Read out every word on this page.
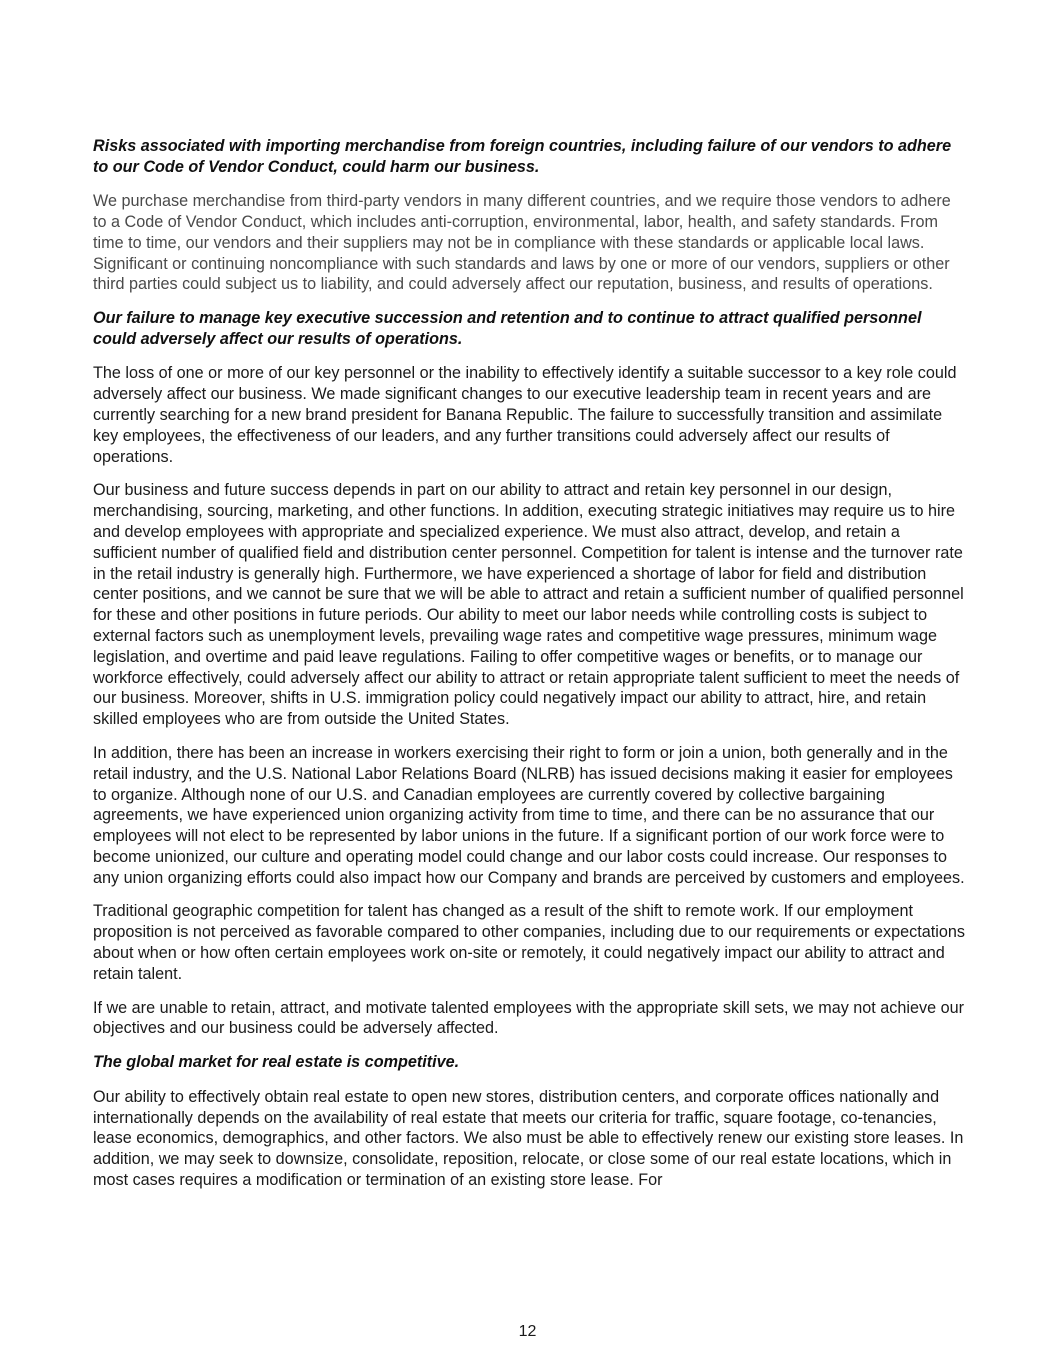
Risks associated with importing merchandise from foreign countries, including failure of our vendors to adhere to our Code of Vendor Conduct, could harm our business.

We purchase merchandise from third-party vendors in many different countries, and we require those vendors to adhere to a Code of Vendor Conduct, which includes anti-corruption, environmental, labor, health, and safety standards. From time to time, our vendors and their suppliers may not be in compliance with these standards or applicable local laws. Significant or continuing noncompliance with such standards and laws by one or more of our vendors, suppliers or other third parties could subject us to liability, and could adversely affect our reputation, business, and results of operations.

Our failure to manage key executive succession and retention and to continue to attract qualified personnel could adversely affect our results of operations.

The loss of one or more of our key personnel or the inability to effectively identify a suitable successor to a key role could adversely affect our business. We made significant changes to our executive leadership team in recent years and are currently searching for a new brand president for Banana Republic. The failure to successfully transition and assimilate key employees, the effectiveness of our leaders, and any further transitions could adversely affect our results of operations.

Our business and future success depends in part on our ability to attract and retain key personnel in our design, merchandising, sourcing, marketing, and other functions. In addition, executing strategic initiatives may require us to hire and develop employees with appropriate and specialized experience. We must also attract, develop, and retain a sufficient number of qualified field and distribution center personnel. Competition for talent is intense and the turnover rate in the retail industry is generally high. Furthermore, we have experienced a shortage of labor for field and distribution center positions, and we cannot be sure that we will be able to attract and retain a sufficient number of qualified personnel for these and other positions in future periods. Our ability to meet our labor needs while controlling costs is subject to external factors such as unemployment levels, prevailing wage rates and competitive wage pressures, minimum wage legislation, and overtime and paid leave regulations. Failing to offer competitive wages or benefits, or to manage our workforce effectively, could adversely affect our ability to attract or retain appropriate talent sufficient to meet the needs of our business. Moreover, shifts in U.S. immigration policy could negatively impact our ability to attract, hire, and retain skilled employees who are from outside the United States.

In addition, there has been an increase in workers exercising their right to form or join a union, both generally and in the retail industry, and the U.S. National Labor Relations Board (NLRB) has issued decisions making it easier for employees to organize. Although none of our U.S. and Canadian employees are currently covered by collective bargaining agreements, we have experienced union organizing activity from time to time, and there can be no assurance that our employees will not elect to be represented by labor unions in the future. If a significant portion of our work force were to become unionized, our culture and operating model could change and our labor costs could increase. Our responses to any union organizing efforts could also impact how our Company and brands are perceived by customers and employees.

Traditional geographic competition for talent has changed as a result of the shift to remote work. If our employment proposition is not perceived as favorable compared to other companies, including due to our requirements or expectations about when or how often certain employees work on-site or remotely, it could negatively impact our ability to attract and retain talent.

If we are unable to retain, attract, and motivate talented employees with the appropriate skill sets, we may not achieve our objectives and our business could be adversely affected.

The global market for real estate is competitive.

Our ability to effectively obtain real estate to open new stores, distribution centers, and corporate offices nationally and internationally depends on the availability of real estate that meets our criteria for traffic, square footage, co-tenancies, lease economics, demographics, and other factors. We also must be able to effectively renew our existing store leases. In addition, we may seek to downsize, consolidate, reposition, relocate, or close some of our real estate locations, which in most cases requires a modification or termination of an existing store lease. For

12
